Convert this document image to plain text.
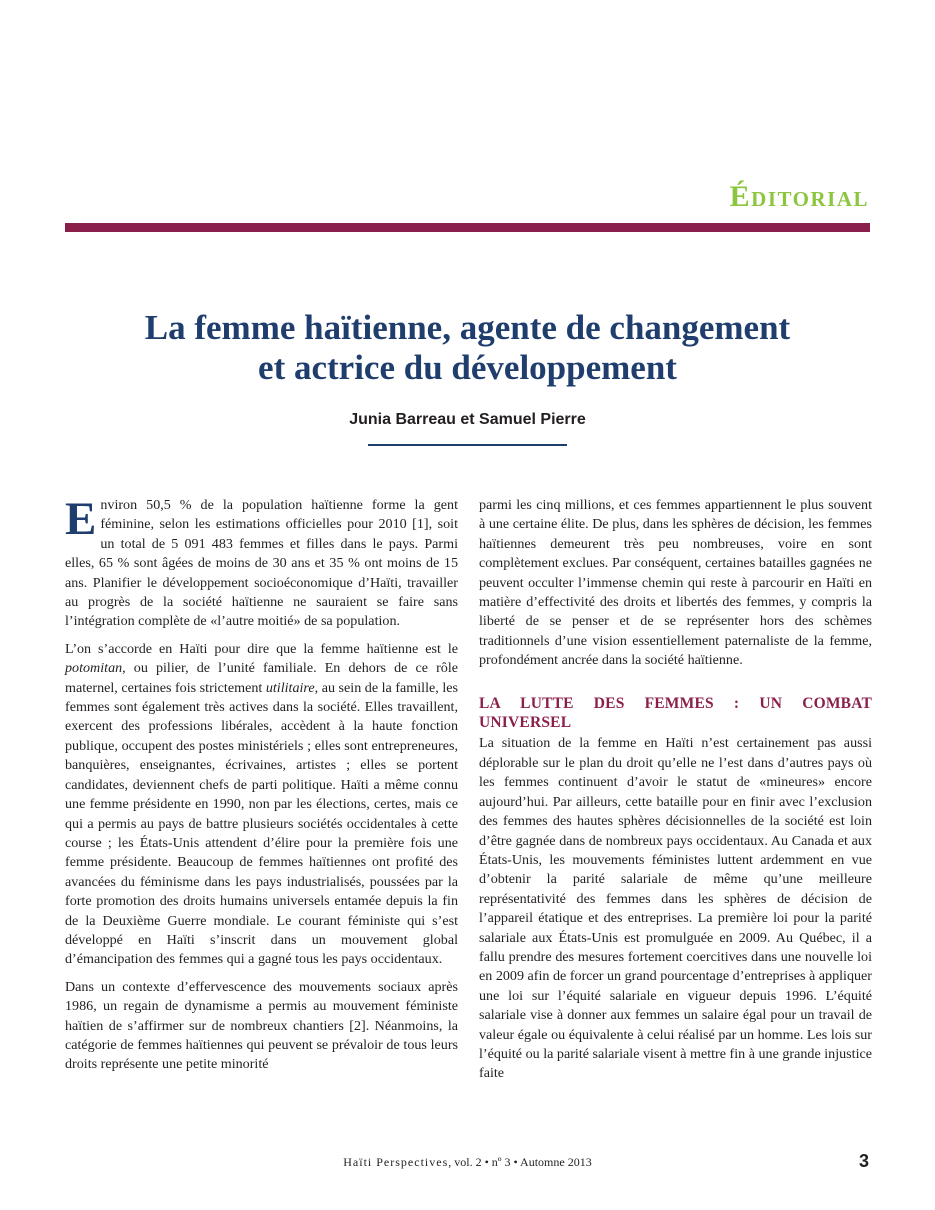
Éditorial
La femme haïtienne, agente de changement
et actrice du développement
Junia Barreau et Samuel Pierre

Environ 50,5 % de la population haïtienne forme la gent féminine, selon les estimations officielles pour 2010 [1], soit un total de 5 091 483 femmes et filles dans le pays. Parmi elles, 65 % sont âgées de moins de 30 ans et 35 % ont moins de 15 ans. Planifier le développement socioéconomique d’Haïti, travailler au progrès de la société haïtienne ne sauraient se faire sans l’intégration complète de «l’autre moitié» de sa population.

L’on s’accorde en Haïti pour dire que la femme haïtienne est le potomitan, ou pilier, de l’unité familiale. En dehors de ce rôle maternel, certaines fois strictement utilitaire, au sein de la famille, les femmes sont également très actives dans la société. Elles travaillent, exercent des professions libérales, accèdent à la haute fonction publique, occupent des postes ministériels ; elles sont entrepreneures, banquières, enseignantes, écrivaines, artistes ; elles se portent candidates, deviennent chefs de parti politique. Haïti a même connu une femme présidente en 1990, non par les élections, certes, mais ce qui a permis au pays de battre plusieurs sociétés occidentales à cette course ; les États-Unis attendent d’élire pour la première fois une femme présidente. Beaucoup de femmes haïtiennes ont profité des avancées du féminisme dans les pays industrialisés, poussées par la forte promotion des droits humains universels entamée depuis la fin de la Deuxième Guerre mondiale. Le courant féministe qui s’est développé en Haïti s’inscrit dans un mouvement global d’émancipation des femmes qui a gagné tous les pays occidentaux.

Dans un contexte d’effervescence des mouvements sociaux après 1986, un regain de dynamisme a permis au mouvement féministe haïtien de s’affirmer sur de nombreux chantiers [2]. Néanmoins, la catégorie de femmes haïtiennes qui peuvent se prévaloir de tous leurs droits représente une petite minorité

parmi les cinq millions, et ces femmes appartiennent le plus souvent à une certaine élite. De plus, dans les sphères de décision, les femmes haïtiennes demeurent très peu nombreuses, voire en sont complètement exclues. Par conséquent, certaines batailles gagnées ne peuvent occulter l’immense chemin qui reste à parcourir en Haïti en matière d’effectivité des droits et libertés des femmes, y compris la liberté de se penser et de se représenter hors des schèmes traditionnels d’une vision essentiellement paternaliste de la femme, profondément ancrée dans la société haïtienne.

LA LUTTE DES FEMMES : UN COMBAT UNIVERSEL

La situation de la femme en Haïti n’est certainement pas aussi déplorable sur le plan du droit qu’elle ne l’est dans d’autres pays où les femmes continuent d’avoir le statut de «mineures» encore aujourd’hui. Par ailleurs, cette bataille pour en finir avec l’exclusion des femmes des hautes sphères décisionnelles de la société est loin d’être gagnée dans de nombreux pays occidentaux. Au Canada et aux États-Unis, les mouvements féministes luttent ardemment en vue d’obtenir la parité salariale de même qu’une meilleure représentativité des femmes dans les sphères de décision de l’appareil étatique et des entreprises. La première loi pour la parité salariale aux États-Unis est promulguée en 2009. Au Québec, il a fallu prendre des mesures fortement coercitives dans une nouvelle loi en 2009 afin de forcer un grand pourcentage d’entreprises à appliquer une loi sur l’équité salariale en vigueur depuis 1996. L’équité salariale vise à donner aux femmes un salaire égal pour un travail de valeur égale ou équivalente à celui réalisé par un homme. Les lois sur l’équité ou la parité salariale visent à mettre fin à une grande injustice faite

Haïti Perspectives, vol. 2 • nº 3 • Automne 2013	3
